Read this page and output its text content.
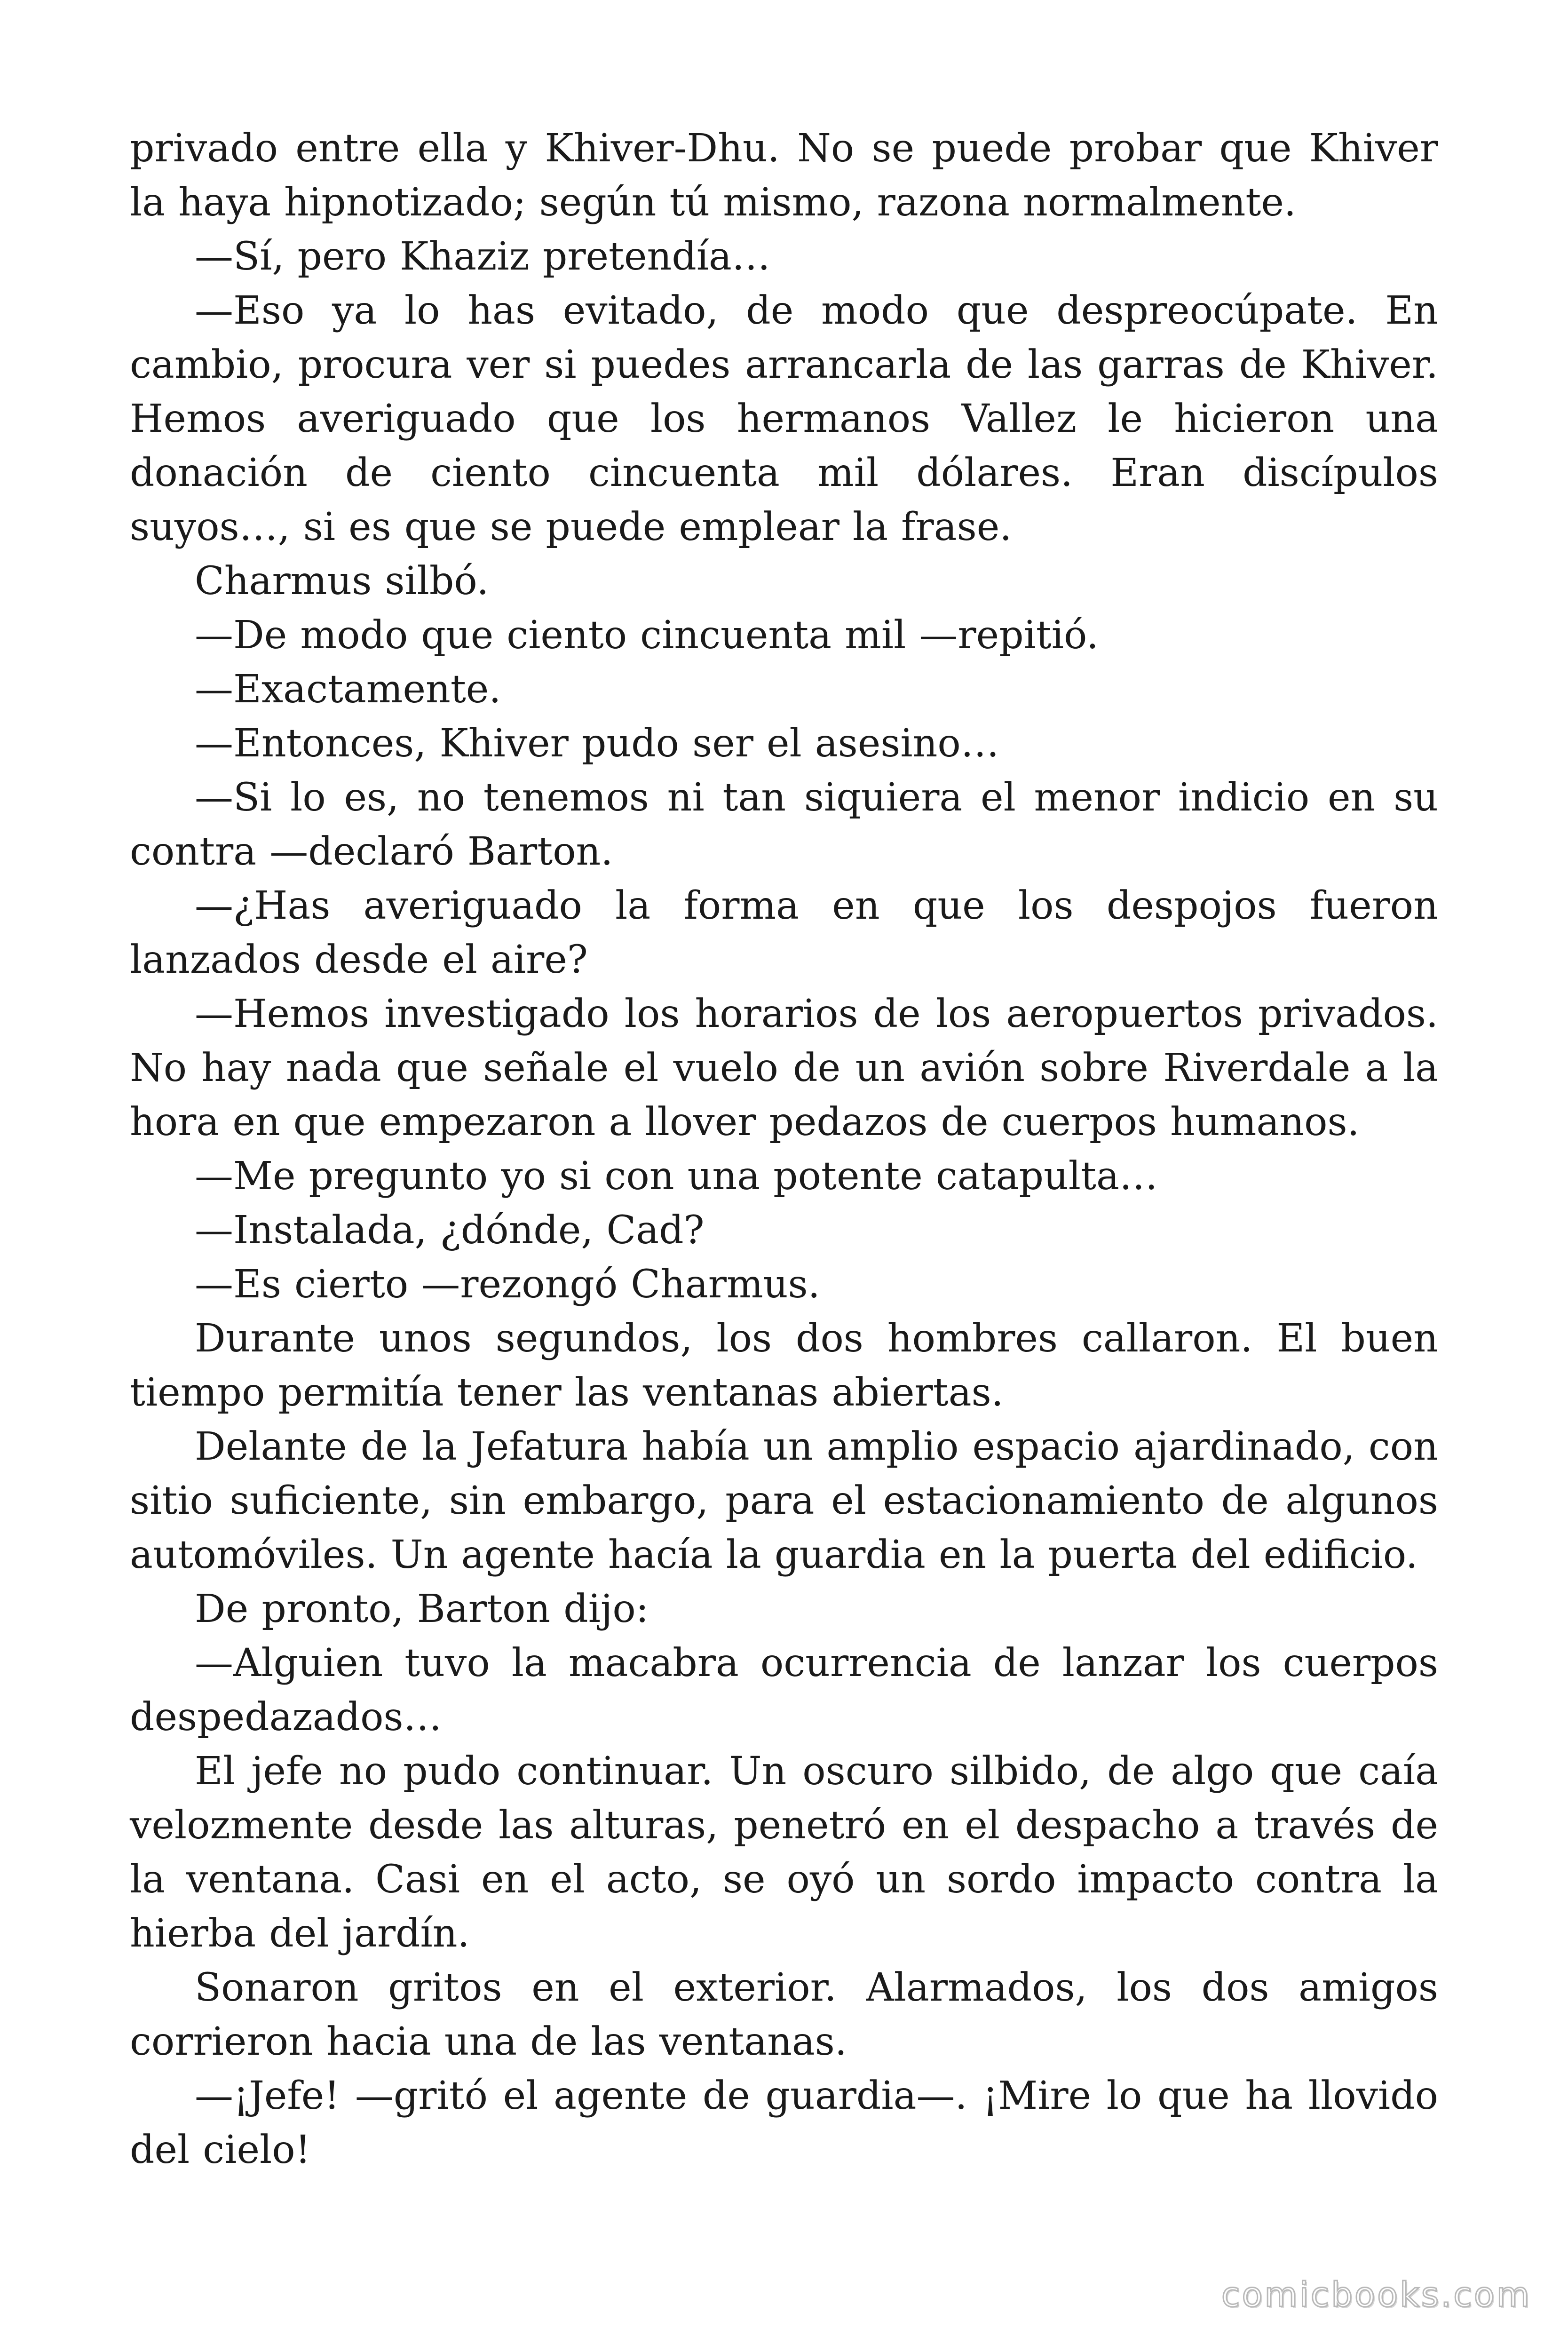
privado entre ella y Khiver-Dhu. No se puede probar que Khiver la haya hipnotizado; según tú mismo, razona normalmente.

—Sí, pero Khaziz pretendía…

—Eso ya lo has evitado, de modo que despreocúpate. En cambio, procura ver si puedes arrancarla de las garras de Khiver. Hemos averiguado que los hermanos Vallez le hicieron una donación de ciento cincuenta mil dólares. Eran discípulos suyos…, si es que se puede emplear la frase.

Charmus silbó.

—De modo que ciento cincuenta mil —repitió.

—Exactamente.

—Entonces, Khiver pudo ser el asesino…

—Si lo es, no tenemos ni tan siquiera el menor indicio en su contra —declaró Barton.

—¿Has averiguado la forma en que los despojos fueron lanzados desde el aire?

—Hemos investigado los horarios de los aeropuertos privados. No hay nada que señale el vuelo de un avión sobre Riverdale a la hora en que empezaron a llover pedazos de cuerpos humanos.

—Me pregunto yo si con una potente catapulta…

—Instalada, ¿dónde, Cad?

—Es cierto —rezongó Charmus.

Durante unos segundos, los dos hombres callaron. El buen tiempo permitía tener las ventanas abiertas.

Delante de la Jefatura había un amplio espacio ajardinado, con sitio suficiente, sin embargo, para el estacionamiento de algunos automóviles. Un agente hacía la guardia en la puerta del edificio.

De pronto, Barton dijo:

—Alguien tuvo la macabra ocurrencia de lanzar los cuerpos despedazados…

El jefe no pudo continuar. Un oscuro silbido, de algo que caía velozmente desde las alturas, penetró en el despacho a través de la ventana. Casi en el acto, se oyó un sordo impacto contra la hierba del jardín.

Sonaron gritos en el exterior. Alarmados, los dos amigos corrieron hacia una de las ventanas.

—¡Jefe! —gritó el agente de guardia—. ¡Mire lo que ha llovido del cielo!

comicbooks.com
